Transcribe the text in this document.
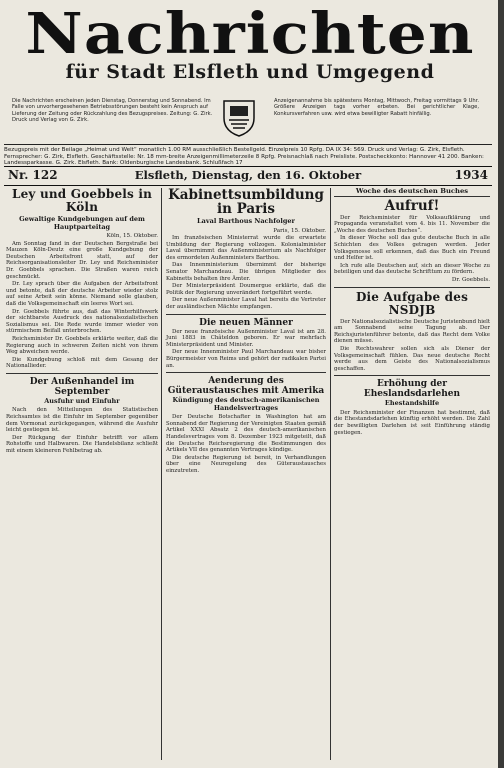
Nachrichten
für Stadt Elsfleth und Umgegend
Die Nachrichten erscheinen jeden Dienstag, Donnerstag und Sonnabend. Im Falle von unvorhergesehenen Betriebsstörungen besteht kein Anspruch auf Lieferung der Zeitung oder Rückzahlung des Bezugspreises. Zeitung: G. Zirk. Druck und Verlag von G. Zirk.
Anzeigenannahme bis spätestens Montag, Mittwoch, Freitag vormittags 9 Uhr. Größere Anzeigen tags vorher erbeten. Bei gerichtlicher Klage, Konkursverfahren usw. wird etwa bewilligter Rabatt hinfällig.
Bezugspreis mit der Beilage „Heimat und Welt“ monatlich 1.00 RM ausschließlich Bestellgeld. Einzelpreis 10 Rpfg. DA IX 34: 569. Druck und Verlag: G. Zirk, Elsfleth. Fernsprecher: G. Zirk, Elsfleth. Geschäftsstelle: Nr. 18 mm-breite Anzeigenmillimeterzeile 8 Rpfg. Preisnachlaß nach Preisliste. Postscheckkonto: Hannover 41 200. Banken: Landessparkasse. G. Zirk. Elsfleth. Bank: Oldenburgische Landesbank. Schlußfach 17
Nr. 122	Elsfleth, Dienstag, den 16. Oktober	1934
Ley und Goebbels in Köln
Gewaltige Kundgebungen auf dem Hauptparteitag
Köln, 15. Oktober.

Am Sonntag fand in der Deutschen Bergstraße bei Mauzen Köln-Deutz eine große Kundgebung der Deutschen Arbeitsfront statt, auf der Reichsorganisationsleiter Dr. Ley und Reichsminister Dr. Goebbels sprachen. Die Straßen waren reich geschmückt.

Dr. Ley sprach über die Aufgaben der Arbeitsfront und betonte, daß der deutsche Arbeiter wieder stolz auf seine Arbeit sein könne. Niemand solle glauben, daß die Volksgemeinschaft ein leeres Wort sei.

Dr. Goebbels führte aus, daß das Winterhilfswerk der sichtbarste Ausdruck des nationalsozialistischen Sozialismus sei. Die Rede wurde immer wieder von stürmischem Beifall unterbrochen.

Reichsminister Dr. Goebbels erklärte weiter, daß die Regierung auch in schweren Zeiten nicht von ihrem Weg abweichen werde.

Die Kundgebung schloß mit dem Gesang der Nationallieder.

Der Außenhandel im September
Ausfuhr und Einfuhr

Nach den Mitteilungen des Statistischen Reichsamtes ist die Einfuhr im September gegenüber dem Vormonat zurückgegangen, während die Ausfuhr leicht gestiegen ist.

Der Rückgang der Einfuhr betrifft vor allem Rohstoffe und Halbwaren. Die Handelsbilanz schließt mit einem kleineren Fehlbetrag ab.

Kabinettsumbildung in Paris
Laval Barthous Nachfolger
Paris, 15. Oktober.

Im französischen Ministerrat wurde die erwartete Umbildung der Regierung vollzogen. Kolonialminister Laval übernimmt das Außenministerium als Nachfolger des ermordeten Außenministers Barthou.

Das Innenministerium übernimmt der bisherige Senator Marchandeau. Die übrigen Mitglieder des Kabinetts behalten ihre Ämter.

Der Ministerpräsident Doumergue erklärte, daß die Politik der Regierung unverändert fortgeführt werde.

Der neue Außenminister Laval hat bereits die Vertreter der ausländischen Mächte empfangen.

Die neuen Männer

Der neue französische Außenminister Laval ist am 28. Juni 1883 in Châteldon geboren. Er war mehrfach Ministerpräsident und Minister.

Der neue Innenminister Paul Marchandeau war bisher Bürgermeister von Reims und gehört der radikalen Partei an.

Aenderung des Güteraustausches mit Amerika
Kündigung des deutsch-amerikanischen Handelsvertrages

Der Deutsche Botschafter in Washington hat am Sonnabend der Regierung der Vereinigten Staaten gemäß Artikel XXXI Absatz 2 des deutsch-amerikanischen Handelsvertrages vom 8. Dezember 1923 mitgeteilt, daß die Deutsche Reichsregierung die Bestimmungen des Artikels VII des genannten Vertrages kündige.

Die deutsche Regierung ist bereit, in Verhandlungen über eine Neuregelung des Güteraustausches einzutreten.

Woche des deutschen Buches
Aufruf!

Der Reichsminister für Volksaufklärung und Propaganda veranstaltet vom 4. bis 11. November die „Woche des deutschen Buches“.

In dieser Woche soll das gute deutsche Buch in alle Schichten des Volkes getragen werden. Jeder Volksgenosse soll erkennen, daß das Buch ein Freund und Helfer ist.

Ich rufe alle Deutschen auf, sich an dieser Woche zu beteiligen und das deutsche Schrifttum zu fördern.

Dr. Goebbels.
Die Aufgabe des NSDJB

Der Nationalsozialistische Deutsche Juristenbund hielt am Sonnabend seine Tagung ab. Der Reichsjuristenführer betonte, daß das Recht dem Volke dienen müsse.

Die Rechtswahrer sollen sich als Diener der Volksgemeinschaft fühlen. Das neue deutsche Recht werde aus dem Geiste des Nationalsozialismus geschaffen.

Erhöhung der Eheslandsdarlehen
Ehestandshilfe

Der Reichsminister der Finanzen hat bestimmt, daß die Ehestandsdarlehen künftig erhöht werden. Die Zahl der bewilligten Darlehen ist seit Einführung ständig gestiegen.
